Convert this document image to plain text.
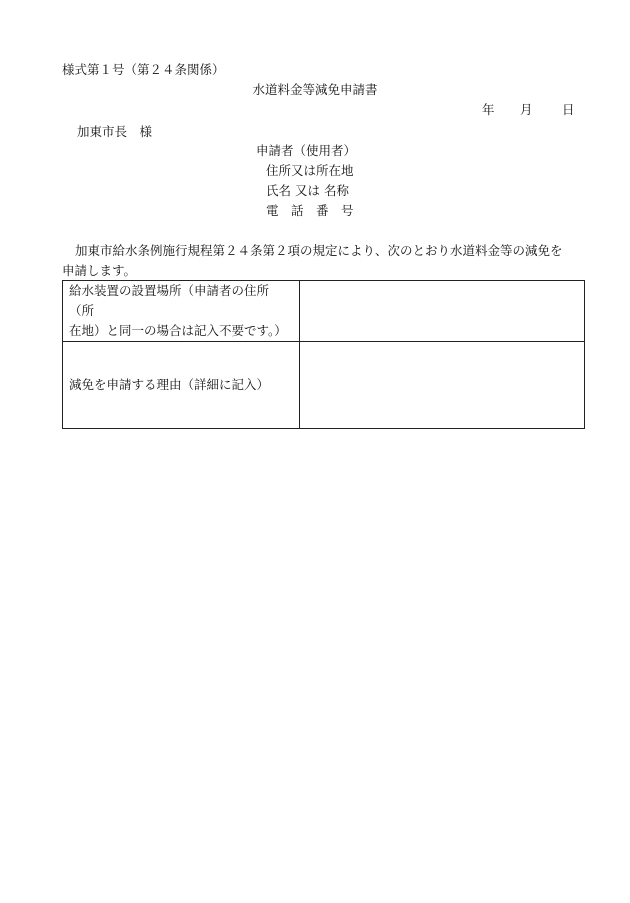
様式第１号（第２４条関係）
水道料金等減免申請書
年 月 日
加東市長　様
申請者（使用者）
住所又は所在地
氏名 又は 名称
電　話　番　号
加東市給水条例施行規程第２４条第２項の規定により、次のとおり水道料金等の減免を
申請します。
給水装置の設置場所（申請者の住所（所
在地）と同一の場合は記入不要です。）	

減免を申請する理由（詳細に記入）	
